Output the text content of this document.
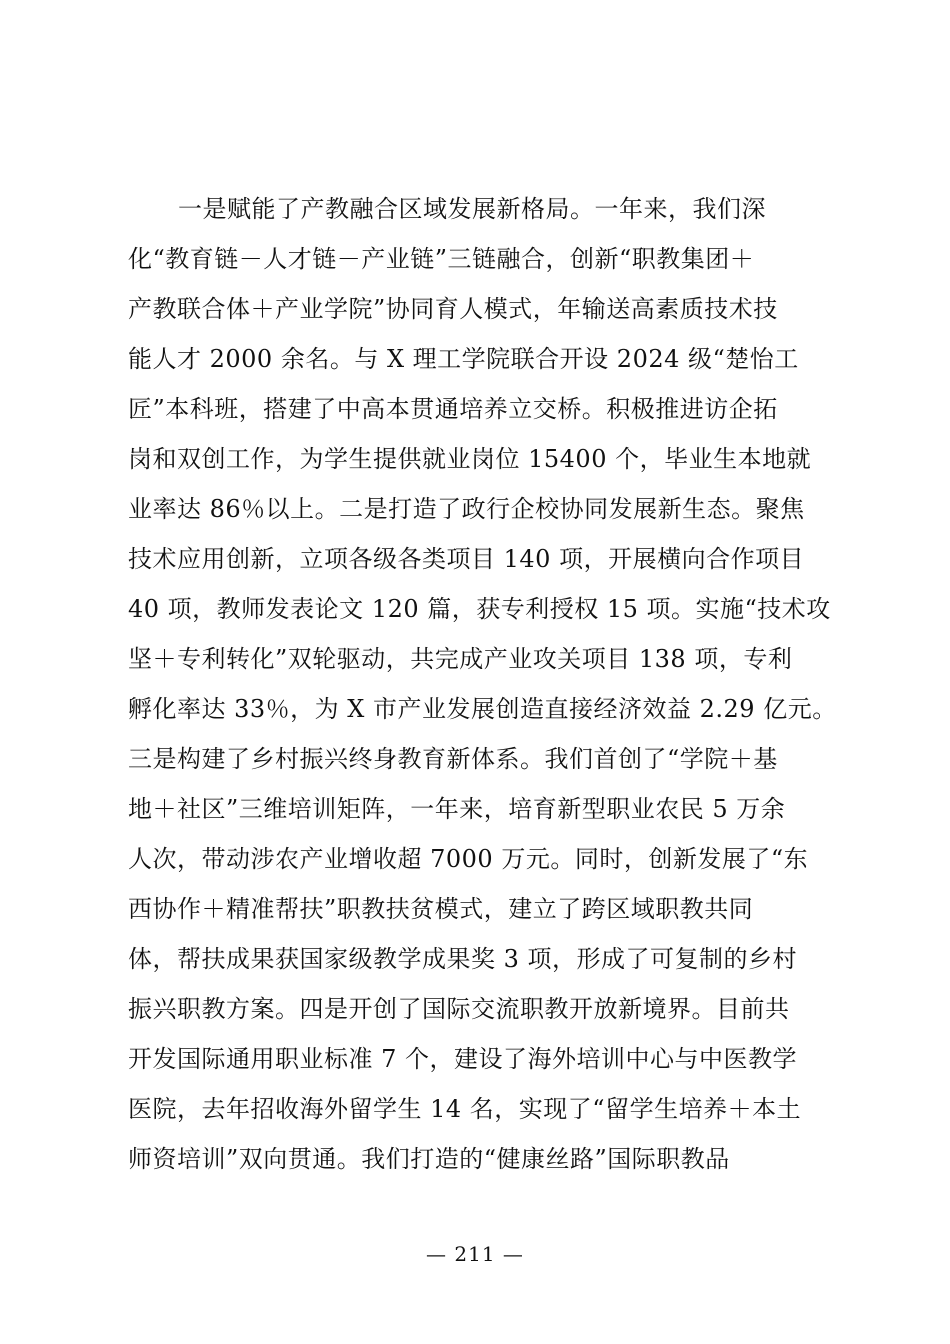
一是赋能了产教融合区域发展新格局。一年来，我们深
化“教育链－人才链－产业链”三链融合，创新“职教集团＋
产教联合体＋产业学院”协同育人模式，年输送高素质技术技
能人才 2000 余名。与 X 理工学院联合开设 2024 级“楚怡工
匠”本科班，搭建了中高本贯通培养立交桥。积极推进访企拓
岗和双创工作，为学生提供就业岗位 15400 个，毕业生本地就
业率达 86％以上。二是打造了政行企校协同发展新生态。聚焦
技术应用创新，立项各级各类项目 140 项，开展横向合作项目
40 项，教师发表论文 120 篇，获专利授权 15 项。实施“技术攻
坚＋专利转化”双轮驱动，共完成产业攻关项目 138 项，专利
孵化率达 33％，为 X 市产业发展创造直接经济效益 2.29 亿元。
三是构建了乡村振兴终身教育新体系。我们首创了“学院＋基
地＋社区”三维培训矩阵，一年来，培育新型职业农民 5 万余
人次，带动涉农产业增收超 7000 万元。同时，创新发展了“东
西协作＋精准帮扶”职教扶贫模式，建立了跨区域职教共同
体，帮扶成果获国家级教学成果奖 3 项，形成了可复制的乡村
振兴职教方案。四是开创了国际交流职教开放新境界。目前共
开发国际通用职业标准 7 个，建设了海外培训中心与中医教学
医院，去年招收海外留学生 14 名，实现了“留学生培养＋本土
师资培训”双向贯通。我们打造的“健康丝路”国际职教品
— 211 —
